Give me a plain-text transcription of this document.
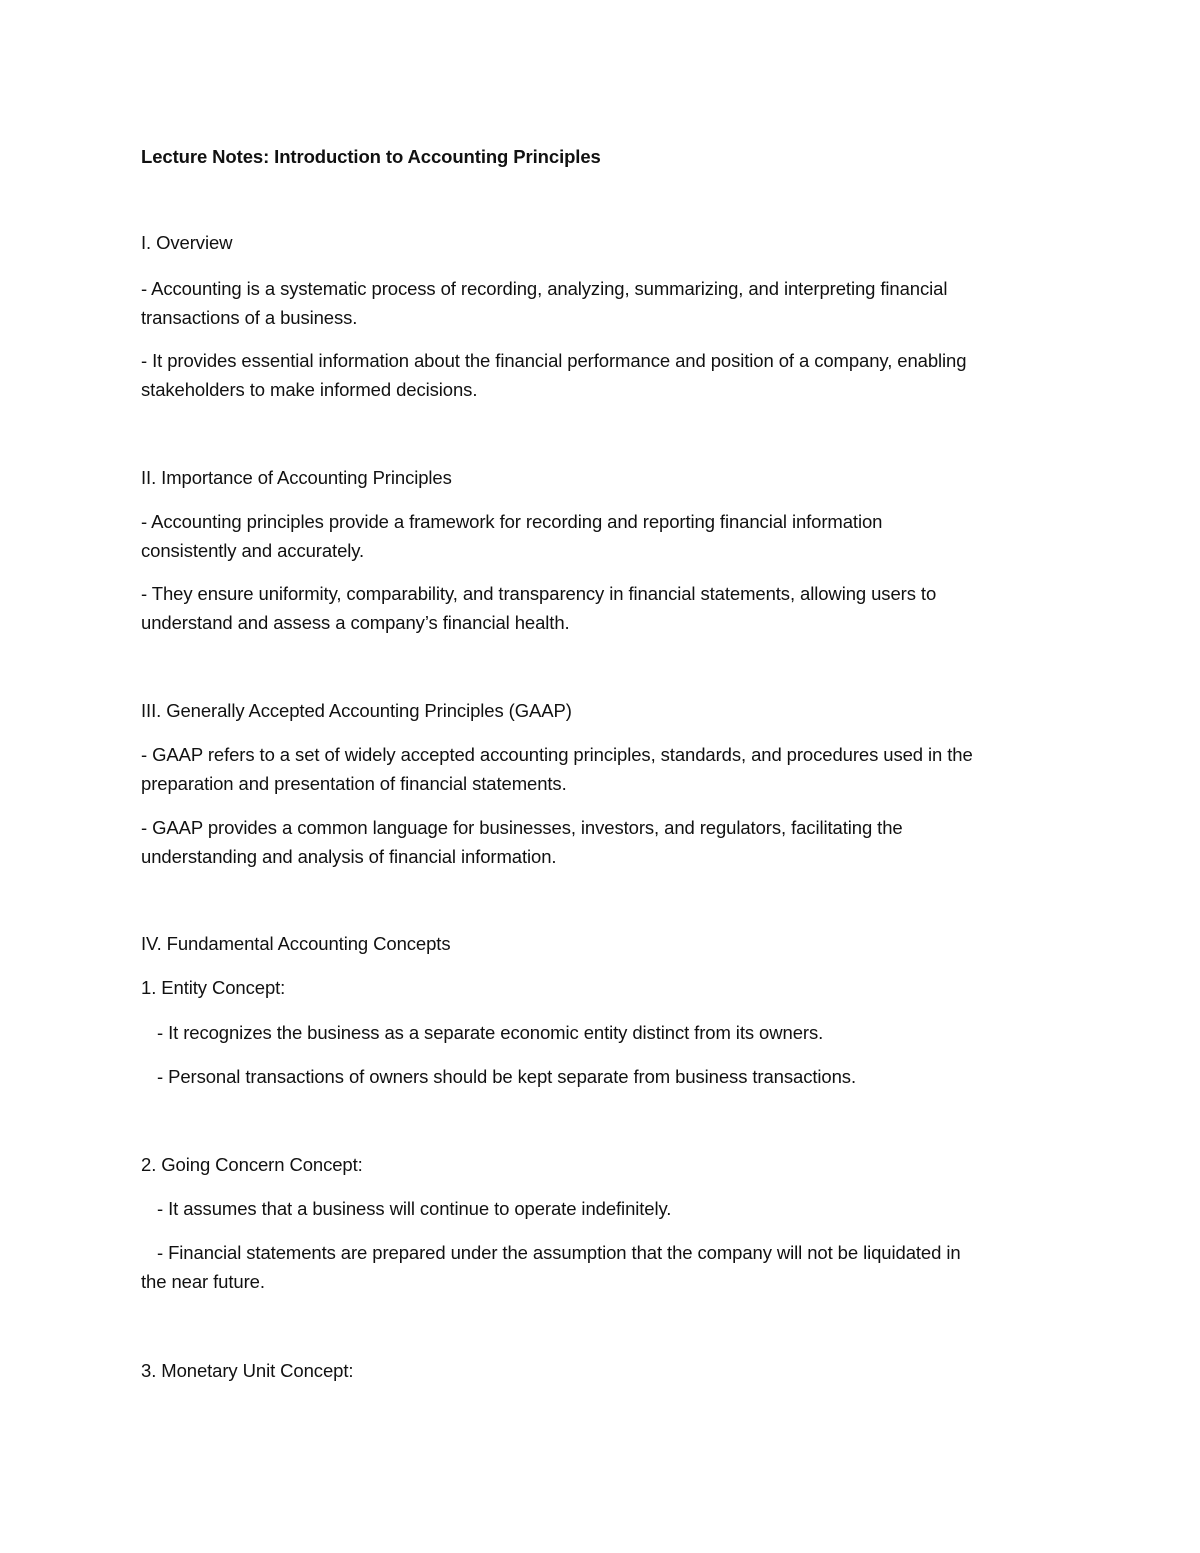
Lecture Notes: Introduction to Accounting Principles
I. Overview
- Accounting is a systematic process of recording, analyzing, summarizing, and interpreting financial
transactions of a business.
- It provides essential information about the financial performance and position of a company, enabling
stakeholders to make informed decisions.
II. Importance of Accounting Principles
- Accounting principles provide a framework for recording and reporting financial information
consistently and accurately.
- They ensure uniformity, comparability, and transparency in financial statements, allowing users to
understand and assess a company’s financial health.
III. Generally Accepted Accounting Principles (GAAP)
- GAAP refers to a set of widely accepted accounting principles, standards, and procedures used in the
preparation and presentation of financial statements.
- GAAP provides a common language for businesses, investors, and regulators, facilitating the
understanding and analysis of financial information.
IV. Fundamental Accounting Concepts
1. Entity Concept:
- It recognizes the business as a separate economic entity distinct from its owners.
- Personal transactions of owners should be kept separate from business transactions.
2. Going Concern Concept:
- It assumes that a business will continue to operate indefinitely.
- Financial statements are prepared under the assumption that the company will not be liquidated in
the near future.
3. Monetary Unit Concept:
